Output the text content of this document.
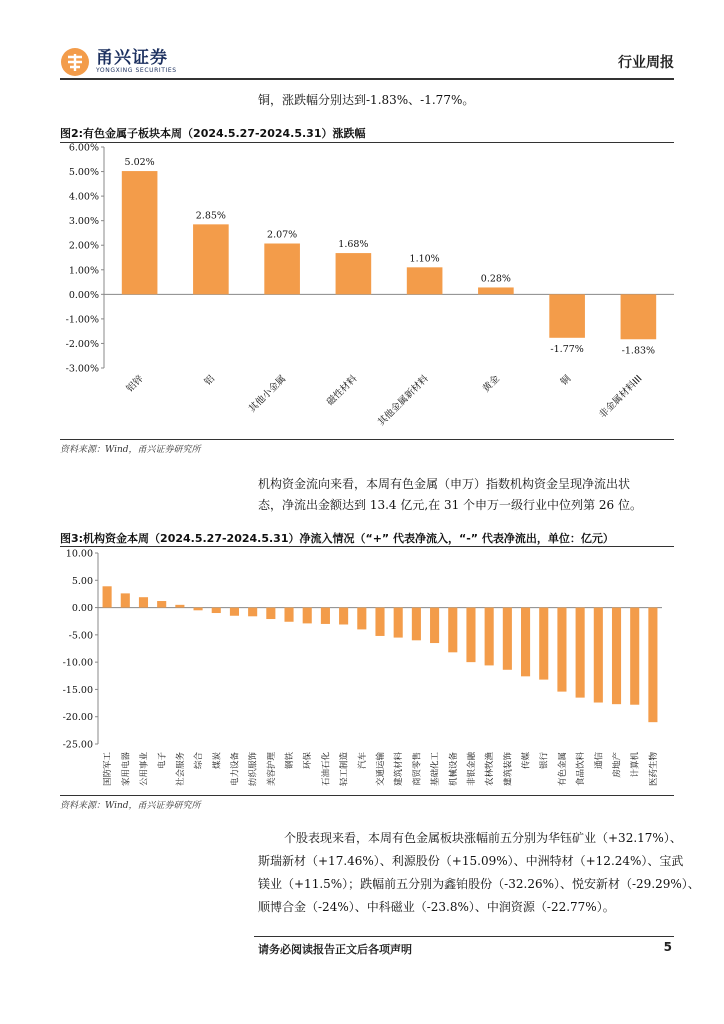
甬兴证券
YONGXING SECURITIES	行业周报
铜，涨跌幅分别达到-1.83%、-1.77%。
图2:有色金属子板块本周（2024.5.27-2024.5.31）涨跌幅
6.00%
5.00%
4.00%
3.00%
2.00%
1.00%
0.00%
-1.00%
-2.00%
-3.00%
5.02%
铝锌
2.85%
铝
2.07%
其他小金属
1.68%
磁性材料
1.10%
其他金属新材料
0.28%
黄金
-1.77%
铜
-1.83%
非金属材料III
资料来源：Wind，甬兴证券研究所
机构资金流向来看，本周有色金属（申万）指数机构资金呈现净流出状
态，净流出金额达到 13.4 亿元,在 31 个申万一级行业中位列第 26 位。
图3:机构资金本周（2024.5.27-2024.5.31）净流入情况（“+” 代表净流入，“-” 代表净流出，单位：亿元）
10.00
5.00
0.00
-5.00
-10.00
-15.00
-20.00
-25.00
国防军工 家用电器 公用事业 电子 社会服务 综合 煤炭 电力设备 纺织服饰 美容护理 钢铁 环保 石油石化 轻工制造 汽车 交通运输 建筑材料 商贸零售 基础化工 机械设备 非银金融 农林牧渔 建筑装饰 传媒 银行 有色金属 食品饮料 通信 房地产 计算机 医药生物
资料来源：Wind，甬兴证券研究所
个股表现来看，本周有色金属板块涨幅前五分别为华钰矿业（+32.17%）、
斯瑞新材（+17.46%）、利源股份（+15.09%）、中洲特材（+12.24%）、宝武
镁业（+11.5%）；跌幅前五分别为鑫铂股份（-32.26%）、悦安新材（-29.29%）、
顺博合金（-24%）、中科磁业（-23.8%）、中润资源（-22.77%）。
请务必阅读报告正文后各项声明	5
